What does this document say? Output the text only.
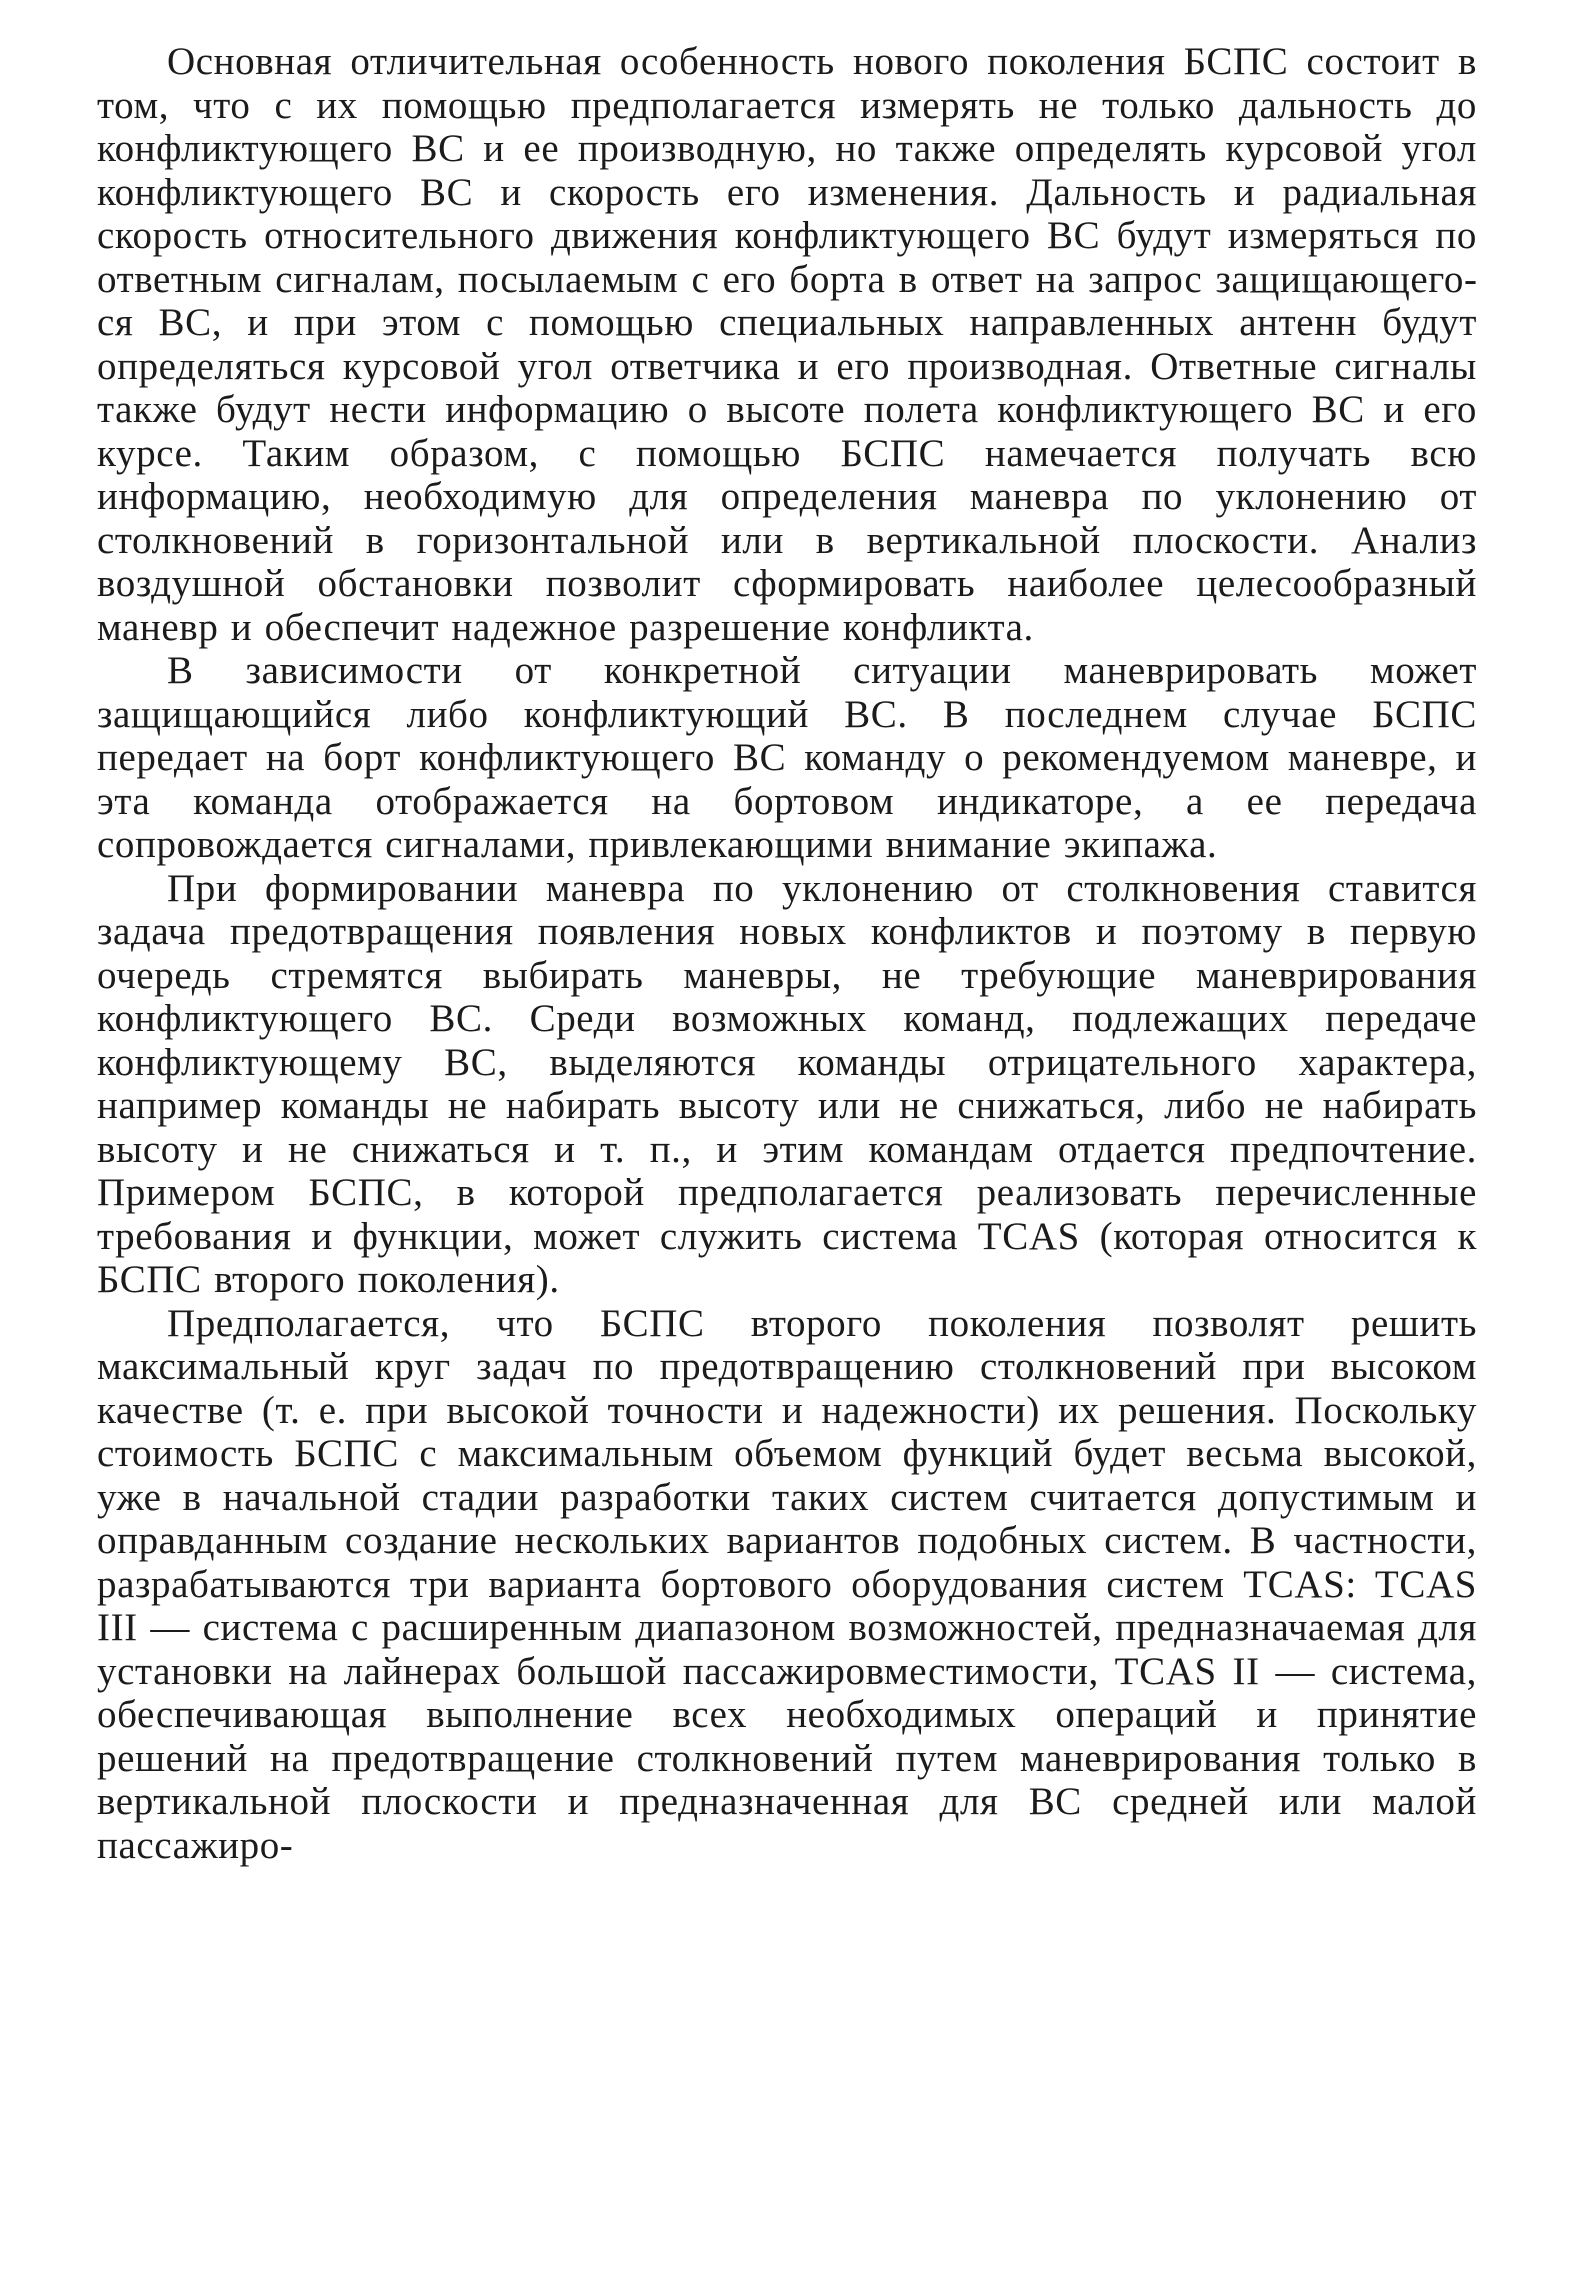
Основная отличительная особенность нового поколения БСПС состоит в том, что с их помощью предполагается измерять не только дальность до конфликтующего ВС и ее производную, но также определять курсовой угол конфликтующего ВС и скорость его изменения. Дальность и радиальная скорость относительного движения конфликтующего ВС будут измеряться по ответным сигналам, посылаемым с его борта в ответ на запрос защищающегося ВС, и при этом с помощью специальных направленных антенн будут определяться курсовой угол ответчика и его производная. Ответные сигналы также будут нести информацию о высоте полета конфликтующего ВС и его курсе. Таким образом, с помощью БСПС намечается получать всю информацию, необходимую для определения маневра по уклонению от столкновений в горизонтальной или в вертикальной плоскости. Анализ воздушной обстановки позволит сформировать наиболее целесообразный маневр и обеспечит надежное разрешение конфликта.

В зависимости от конкретной ситуации маневрировать может защищающийся либо конфликтующий ВС. В последнем случае БСПС передает на борт конфликтующего ВС команду о рекомендуемом маневре, и эта команда отображается на бортовом индикаторе, а ее передача сопровождается сигналами, привлекающими внимание экипажа.

При формировании маневра по уклонению от столкновения ставится задача предотвращения появления новых конфликтов и поэтому в первую очередь стремятся выбирать маневры, не требующие маневрирования конфликтующего ВС. Среди возможных команд, подлежащих передаче конфликтующему ВС, выделяются команды отрицательного характера, например команды не набирать высоту или не снижаться, либо не набирать высоту и не снижаться и т. п., и этим командам отдается предпочтение. Примером БСПС, в которой предполагается реализовать перечисленные требования и функции, может служить система TCAS (которая относится к БСПС второго поколения).

Предполагается, что БСПС второго поколения позволят решить максимальный круг задач по предотвращению столкновений при высоком качестве (т. е. при высокой точности и надежности) их решения. Поскольку стоимость БСПС с максимальным объемом функций будет весьма высокой, уже в начальной стадии разработки таких систем считается допустимым и оправданным создание нескольких вариантов подобных систем. В частности, разрабатываются три варианта бортового оборудования систем TCAS: TCAS III — система с расширенным диапазоном возможностей, предназначаемая для установки на лайнерах большой пассажировместимости, TCAS II — система, обеспечивающая выполнение всех необходимых операций и принятие решений на предотвращение столкновений путем маневрирования только в вертикальной плоскости и предназначенная для ВС средней или малой пассажиро-
